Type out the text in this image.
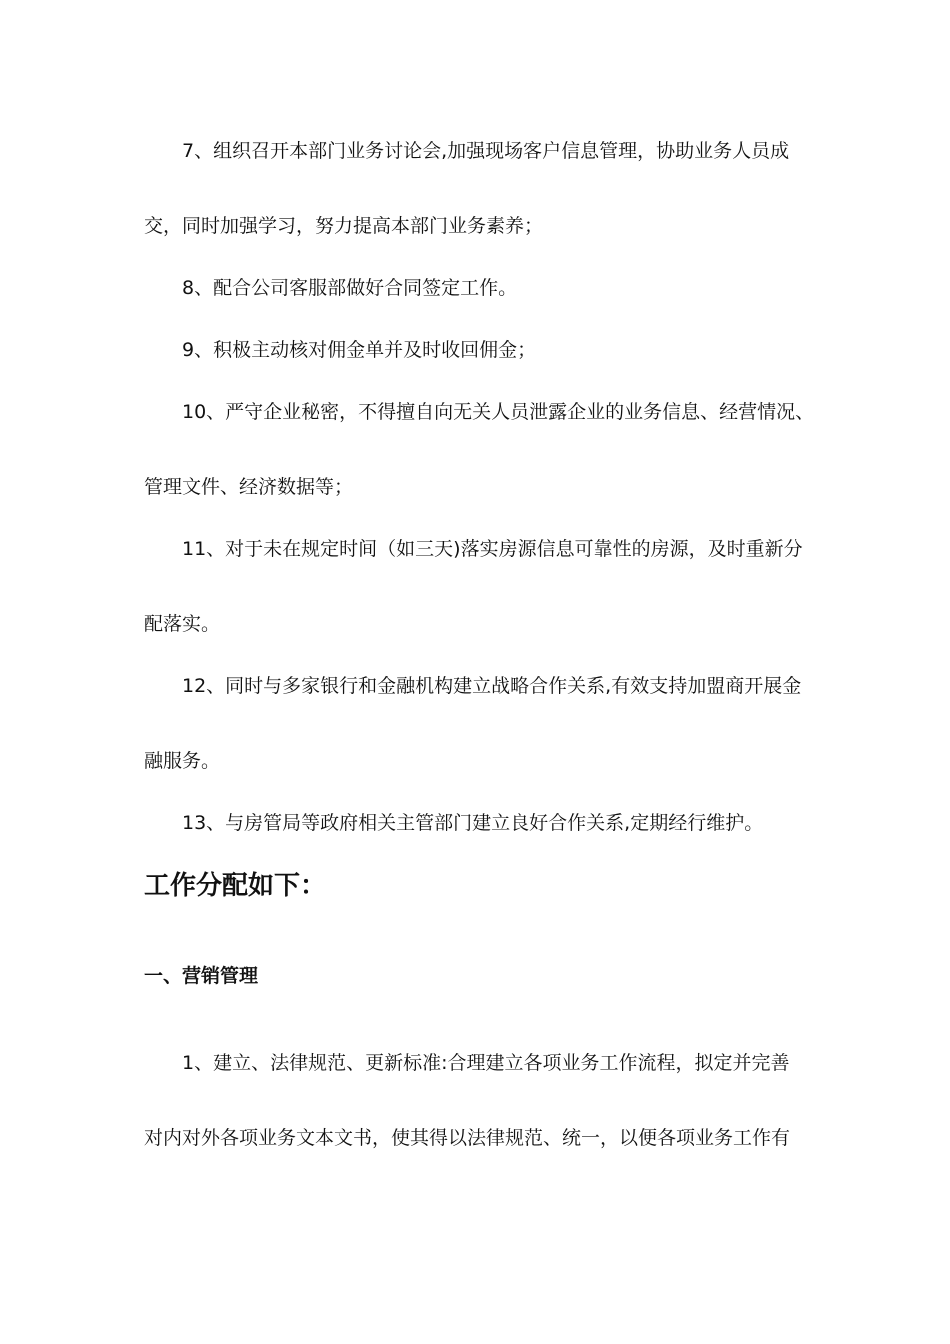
7、组织召开本部门业务讨论会,加强现场客户信息管理，协助业务人员成
交，同时加强学习，努力提高本部门业务素养；
8、配合公司客服部做好合同签定工作。
9、积极主动核对佣金单并及时收回佣金；
10、严守企业秘密，不得擅自向无关人员泄露企业的业务信息、经营情况、
管理文件、经济数据等；
11、对于未在规定时间（如三天)落实房源信息可靠性的房源，及时重新分
配落实。
12、同时与多家银行和金融机构建立战略合作关系,有效支持加盟商开展金
融服务。
13、与房管局等政府相关主管部门建立良好合作关系,定期经行维护。
工作分配如下：
一、营销管理
1、建立、法律规范、更新标准:合理建立各项业务工作流程，拟定并完善
对内对外各项业务文本文书，使其得以法律规范、统一，以便各项业务工作有
